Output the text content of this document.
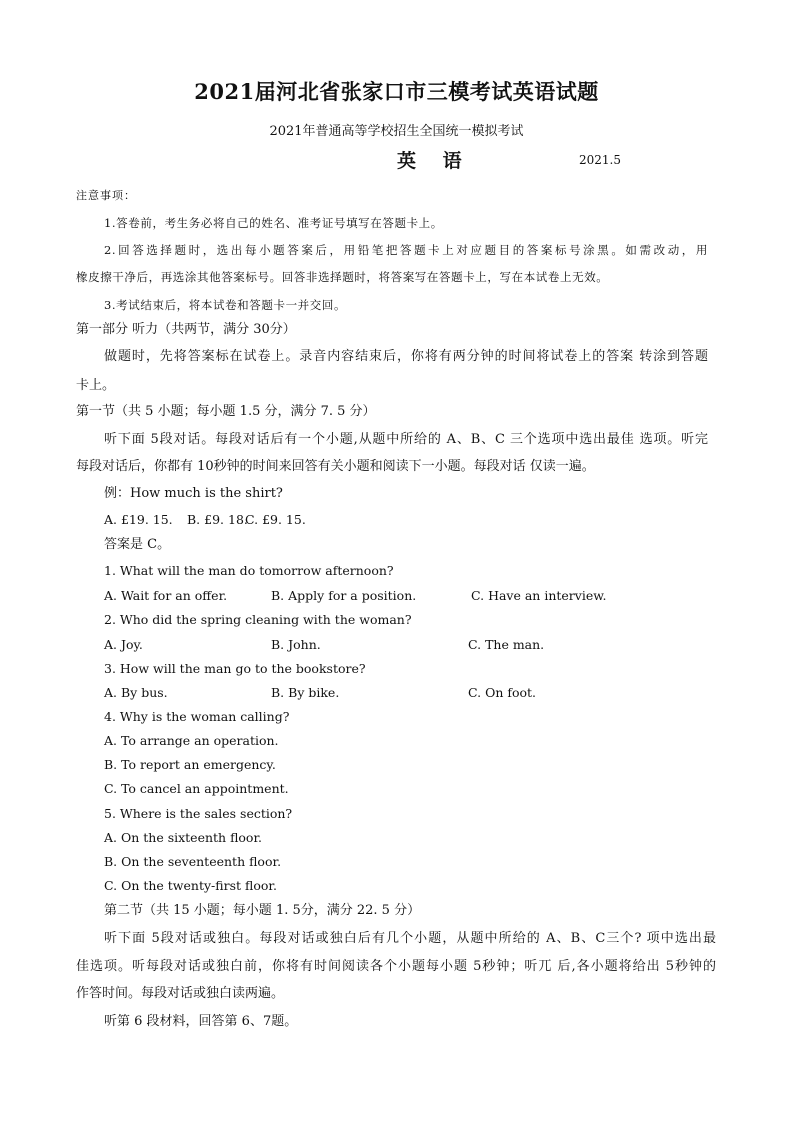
2021届河北省张家口市三模考试英语试题
2021年普通高等学校招生全国统一模拟考试
英 语	2021.5
注意事项：
1.答卷前，考生务必将自己的姓名、准考证号填写在答题卡上。
2.回答选择题时，选出每小题答案后，用铅笔把答题卡上对应题目的答案标号涂黑。如需改动，用
橡皮擦干净后，再选涂其他答案标号。回答非选择题时，将答案写在答题卡上，写在本试卷上无效。
3.考试结束后，将本试卷和答题卡一并交回。
第一部分 听力（共两节，满分 30分）
做题时，先将答案标在试卷上。录音内容结束后，你将有两分钟的时间将试卷上的答案 转涂到答题
卡上。
第一节（共 5 小题；每小题 1.5 分，满分 7. 5 分）
听下面 5段对话。每段对话后有一个小题,从题中所给的 A、B、C 三个选项中选出最佳 选项。听完
每段对话后，你都有 10秒钟的时间来回答有关小题和阅读下一小题。每段对话 仅读一遍。
例：How much is the shirt?
A. £19. 15. B. £9. 18.
C. £9. 15.
答案是 C。
1. What will the man do tomorrow afternoon?
A. Wait for an offer.	B. Apply for a position.	C. Have an interview.
2. Who did the spring cleaning with the woman?
A. Joy.	B. John.	C. The man.
3. How will the man go to the bookstore?
A. By bus.	B. By bike.	C. On foot.
4. Why is the woman calling?
A. To arrange an operation.
B. To report an emergency.
C. To cancel an appointment.
5. Where is the sales section?
A. On the sixteenth floor.
B. On the seventeenth floor.
C. On the twenty-first floor.
第二节（共 15 小题；每小题 1. 5分，满分 22. 5 分）
听下面 5段对话或独白。每段对话或独白后有几个小题，从题中所给的 A、B、C三个? 项中选出最
佳选项。听每段对话或独白前，你将有时间阅读各个小题每小题 5秒钟；听兀 后,各小题将给出 5秒钟的
作答时间。每段对话或独白读两遍。
听第 6 段材料，回答第 6、7题。
